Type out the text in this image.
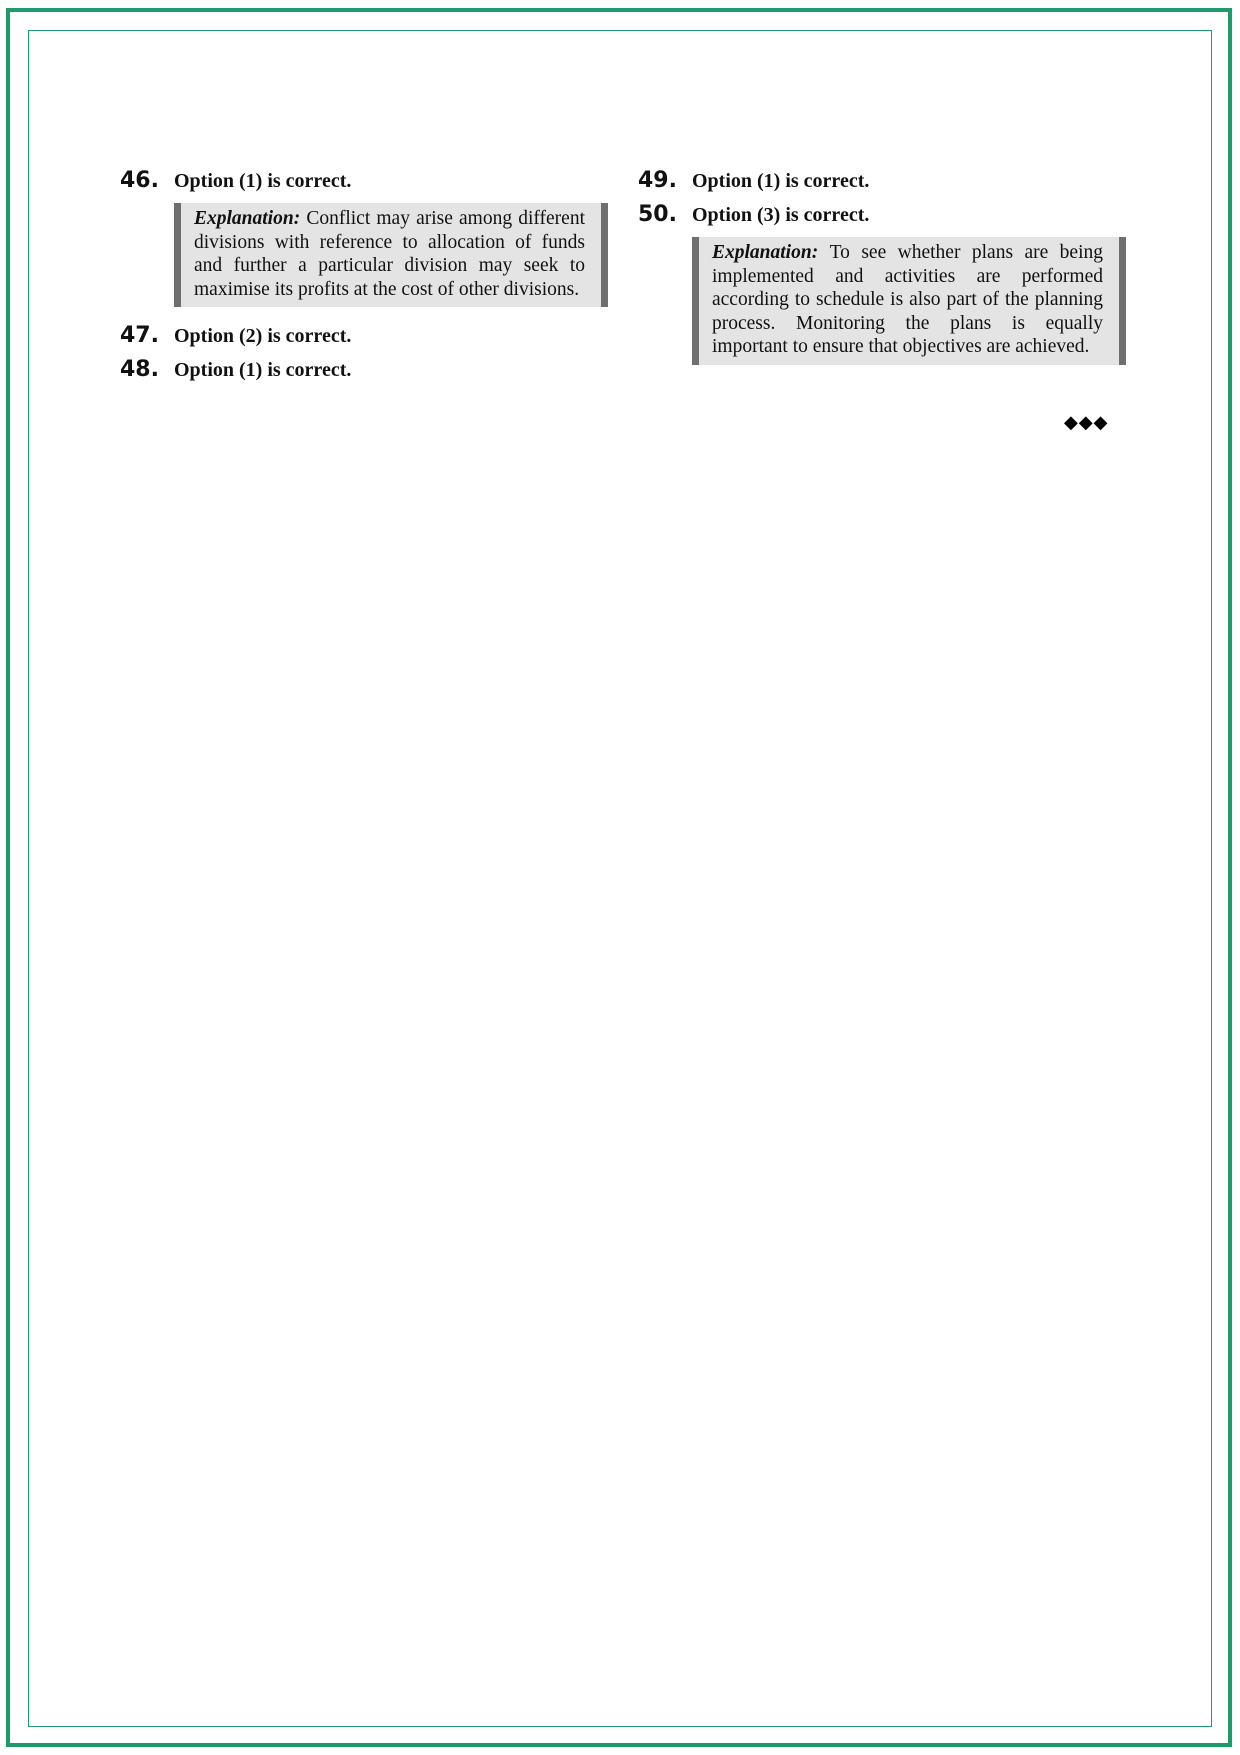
46. Option (1) is correct.
Explanation: Conflict may arise among different divisions with reference to allocation of funds and further a particular division may seek to maximise its profits at the cost of other divisions.
47. Option (2) is correct.
48. Option (1) is correct.
49. Option (1) is correct.
50. Option (3) is correct.
Explanation: To see whether plans are being implemented and activities are performed according to schedule is also part of the planning process. Monitoring the plans is equally important to ensure that objectives are achieved.
◆◆◆
